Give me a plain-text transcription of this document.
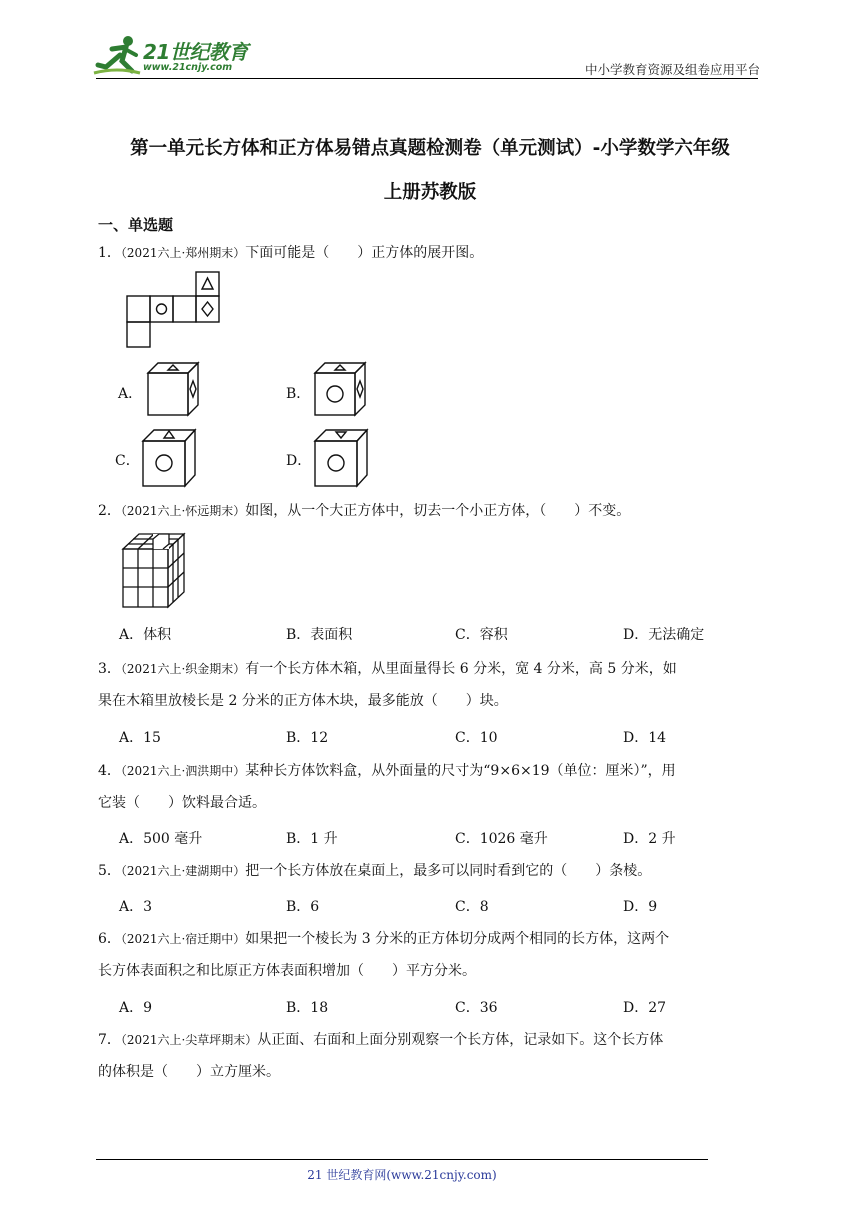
21世纪教育
www.21cnjy.com	中小学教育资源及组卷应用平台
第一单元长方体和正方体易错点真题检测卷（单元测试）-小学数学六年级
上册苏教版
一、单选题
1．（2021六上·郑州期末）下面可能是（　　）正方体的展开图。
A．	B．
C．	D．
2．（2021六上·怀远期末）如图，从一个大正方体中，切去一个小正方体，（　　）不变。
A．体积	B．表面积	C．容积	D．无法确定
3．（2021六上·织金期末）有一个长方体木箱，从里面量得长 6 分米，宽 4 分米，高 5 分米，如
果在木箱里放棱长是 2 分米的正方体木块，最多能放（　　）块。
A．15	B．12	C．10	D．14
4．（2021六上·泗洪期中）某种长方体饮料盒，从外面量的尺寸为“9×6×19（单位：厘米）”，用
它装（　　）饮料最合适。
A．500 毫升	B．1 升	C．1026 毫升	D．2 升
5．（2021六上·建湖期中）把一个长方体放在桌面上，最多可以同时看到它的（　　）条棱。
A．3	B．6	C．8	D．9
6．（2021六上·宿迁期中）如果把一个棱长为 3 分米的正方体切分成两个相同的长方体，这两个
长方体表面积之和比原正方体表面积增加（　　）平方分米。
A．9	B．18	C．36	D．27
7．（2021六上·尖草坪期末）从正面、右面和上面分别观察一个长方体，记录如下。这个长方体
的体积是（　　）立方厘米。
21 世纪教育网(www.21cnjy.com)
